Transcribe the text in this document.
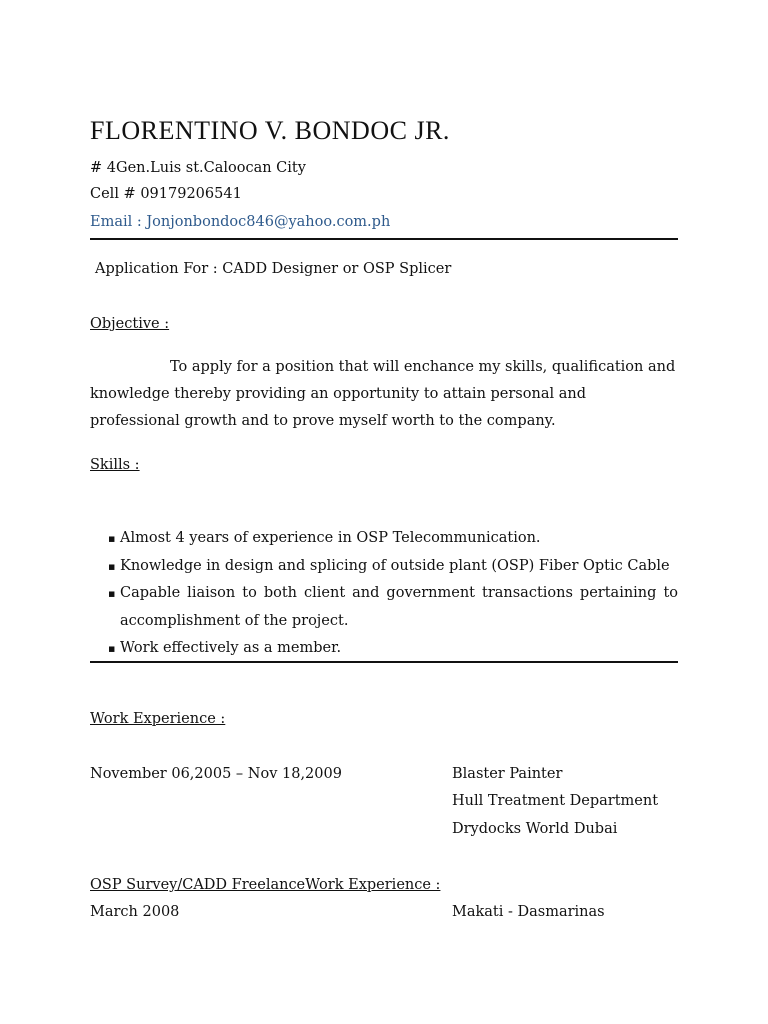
FLORENTINO V. BONDOC JR.
# 4Gen.Luis st.Caloocan City
Cell # 09179206541
Email : Jonjonbondoc846@yahoo.com.ph
Application For : CADD Designer or OSP Splicer
Objective :
To apply for a position that will enchance my skills, qualification and knowledge thereby providing an opportunity to attain personal and professional growth and to prove myself worth to the company.
Skills :
▪ Almost 4 years of experience in OSP Telecommunication.
▪ Knowledge in design and splicing of outside plant (OSP) Fiber Optic Cable
▪ Capable liaison to both client and government transactions pertaining to accomplishment of the project.
▪ Work effectively as a member.
Work Experience :
November 06,2005 – Nov 18,2009	Blaster Painter
Hull Treatment Department
Drydocks World Dubai
OSP Survey/CADD FreelanceWork Experience :
March 2008	Makati - Dasmarinas
